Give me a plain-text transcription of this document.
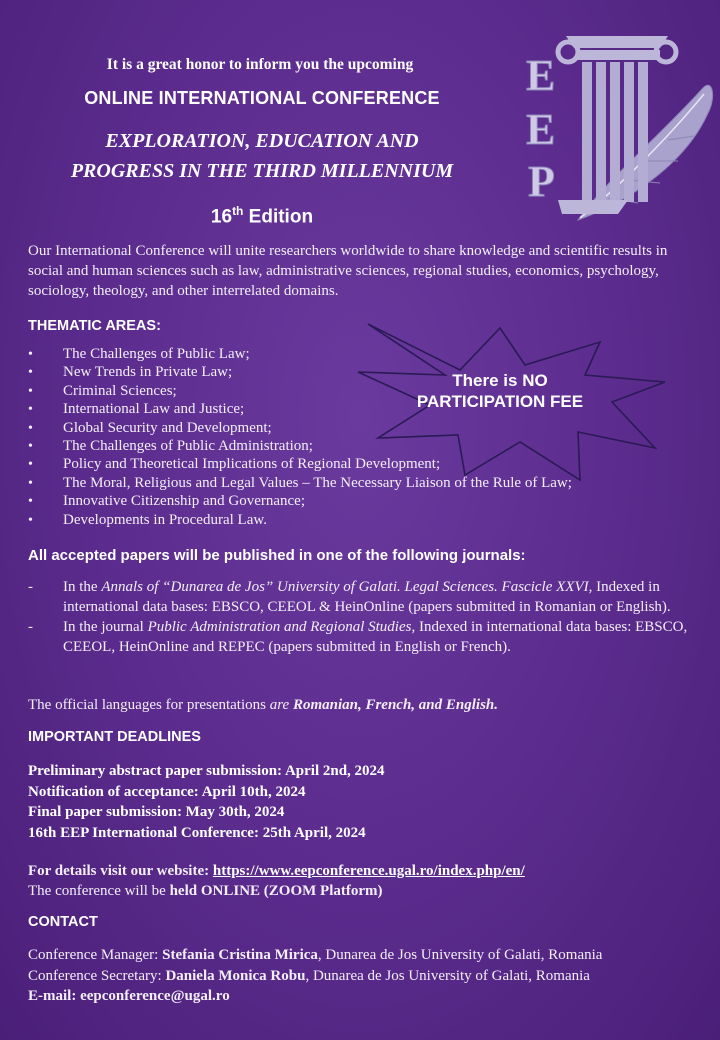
It is a great honor to inform you the upcoming
ONLINE INTERNATIONAL CONFERENCE
EXPLORATION, EDUCATION AND
PROGRESS IN THE THIRD MILLENNIUM
16th Edition
E
E
P
Our International Conference will unite researchers worldwide to share knowledge and scientific results in social and human sciences such as law, administrative sciences, regional studies, economics, psychology, sociology, theology, and other interrelated domains.
THEMATIC AREAS:
• The Challenges of Public Law;
• New Trends in Private Law;
• Criminal Sciences;
• International Law and Justice;
• Global Security and Development;
• The Challenges of Public Administration;
• Policy and Theoretical Implications of Regional Development;
• The Moral, Religious and Legal Values – The Necessary Liaison of the Rule of Law;
• Innovative Citizenship and Governance;
• Developments in Procedural Law.
There is NO
PARTICIPATION FEE
All accepted papers will be published in one of the following journals:
-	In the Annals of “Dunarea de Jos” University of Galati. Legal Sciences. Fascicle XXVI, Indexed in international data bases: EBSCO, CEEOL & HeinOnline (papers submitted in Romanian or English).
-	In the journal Public Administration and Regional Studies, Indexed in international data bases: EBSCO, CEEOL, HeinOnline and REPEC (papers submitted in English or French).
The official languages for presentations are Romanian, French, and English.
IMPORTANT DEADLINES
Preliminary abstract paper submission: April 2nd, 2024
Notification of acceptance: April 10th, 2024
Final paper submission: May 30th, 2024
16th EEP International Conference: 25th April, 2024
For details visit our website: https://www.eepconference.ugal.ro/index.php/en/
The conference will be held ONLINE (ZOOM Platform)
CONTACT
Conference Manager: Stefania Cristina Mirica, Dunarea de Jos University of Galati, Romania
Conference Secretary: Daniela Monica Robu, Dunarea de Jos University of Galati, Romania
E-mail: eepconference@ugal.ro
